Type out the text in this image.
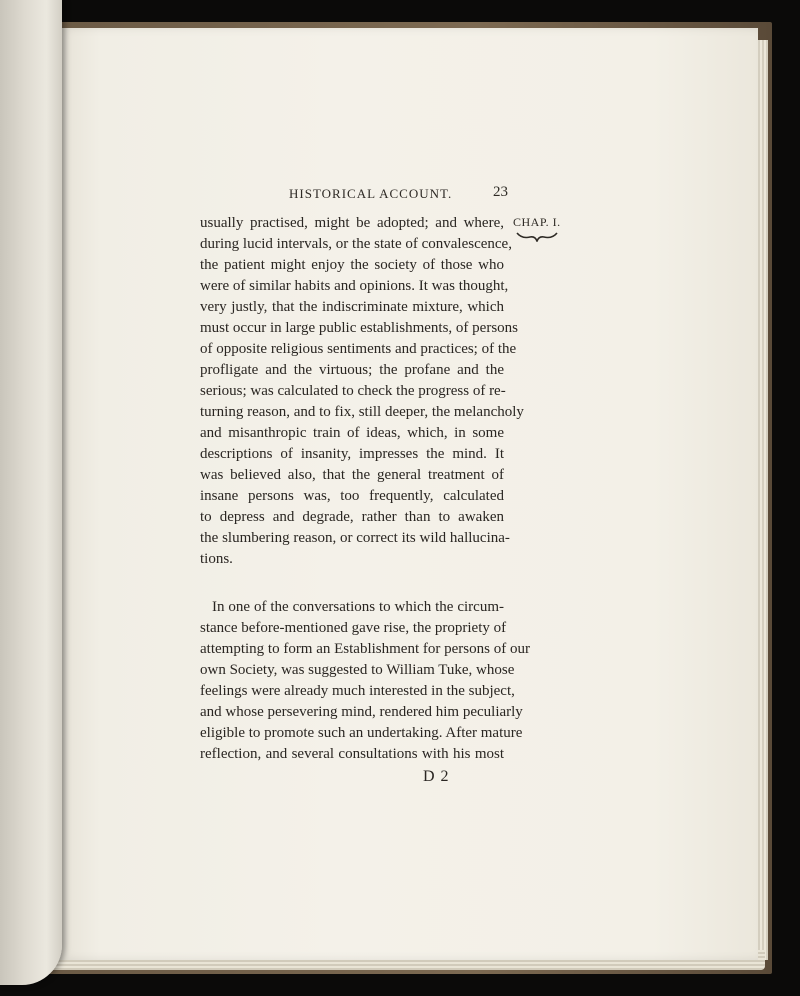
HISTORICAL ACCOUNT.	23
CHAP. I.
usually practised, might be adopted; and where,
during lucid intervals, or the state of convalescence,
the patient might enjoy the society of those who
were of similar habits and opinions. It was thought,
very justly, that the indiscriminate mixture, which
must occur in large public establishments, of persons
of opposite religious sentiments and practices; of the
profligate and the virtuous; the profane and the
serious; was calculated to check the progress of re-
turning reason, and to fix, still deeper, the melancholy
and misanthropic train of ideas, which, in some
descriptions of insanity, impresses the mind. It
was believed also, that the general treatment of
insane persons was, too frequently, calculated
to depress and degrade, rather than to awaken
the slumbering reason, or correct its wild hallucina-
tions.
In one of the conversations to which the circum-
stance before-mentioned gave rise, the propriety of
attempting to form an Establishment for persons of our
own Society, was suggested to William Tuke, whose
feelings were already much interested in the subject,
and whose persevering mind, rendered him peculiarly
eligible to promote such an undertaking. After mature
reflection, and several consultations with his most
D 2
